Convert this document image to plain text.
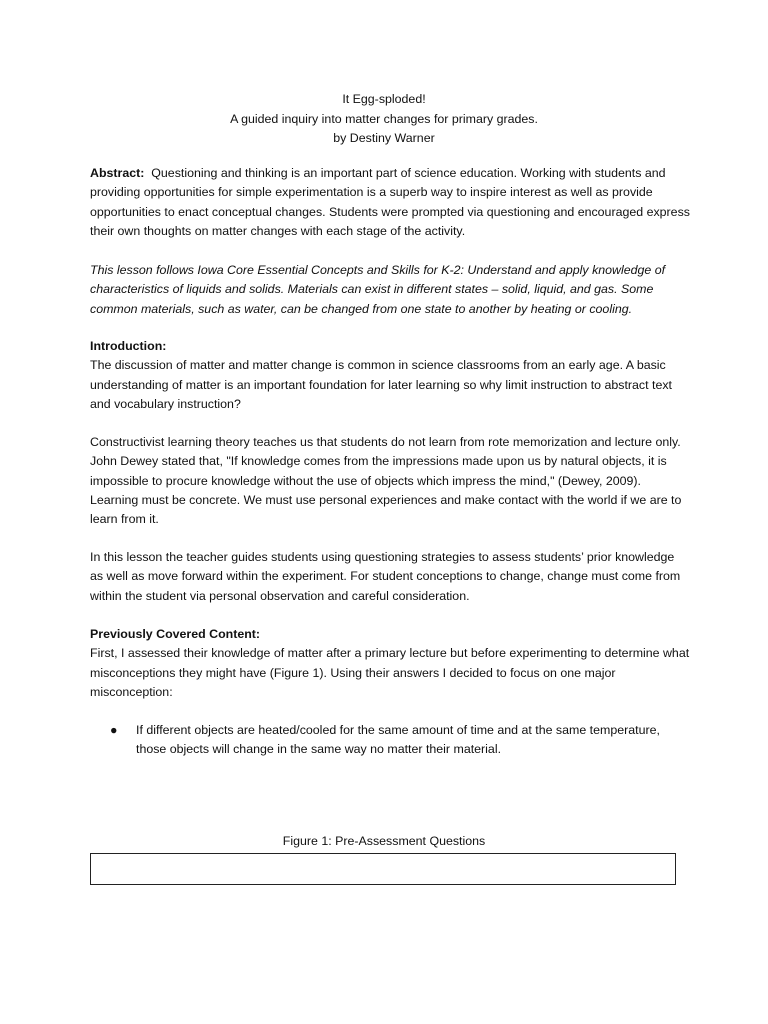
It Egg-sploded!
A guided inquiry into matter changes for primary grades.
by Destiny Warner
Abstract: Questioning and thinking is an important part of science education. Working with students and providing opportunities for simple experimentation is a superb way to inspire interest as well as provide opportunities to enact conceptual changes. Students were prompted via questioning and encouraged express their own thoughts on matter changes with each stage of the activity.
This lesson follows Iowa Core Essential Concepts and Skills for K-2: Understand and apply knowledge of characteristics of liquids and solids. Materials can exist in different states – solid, liquid, and gas. Some common materials, such as water, can be changed from one state to another by heating or cooling.
Introduction:
The discussion of matter and matter change is common in science classrooms from an early age. A basic understanding of matter is an important foundation for later learning so why limit instruction to abstract text and vocabulary instruction?
Constructivist learning theory teaches us that students do not learn from rote memorization and lecture only. John Dewey stated that, "If knowledge comes from the impressions made upon us by natural objects, it is impossible to procure knowledge without the use of objects which impress the mind," (Dewey, 2009). Learning must be concrete. We must use personal experiences and make contact with the world if we are to learn from it.
In this lesson the teacher guides students using questioning strategies to assess students’ prior knowledge as well as move forward within the experiment. For student conceptions to change, change must come from within the student via personal observation and careful consideration.
Previously Covered Content:
First, I assessed their knowledge of matter after a primary lecture but before experimenting to determine what misconceptions they might have (Figure 1). Using their answers I decided to focus on one major misconception:
● If different objects are heated/cooled for the same amount of time and at the same temperature, those objects will change in the same way no matter their material.
Figure 1: Pre-Assessment Questions
